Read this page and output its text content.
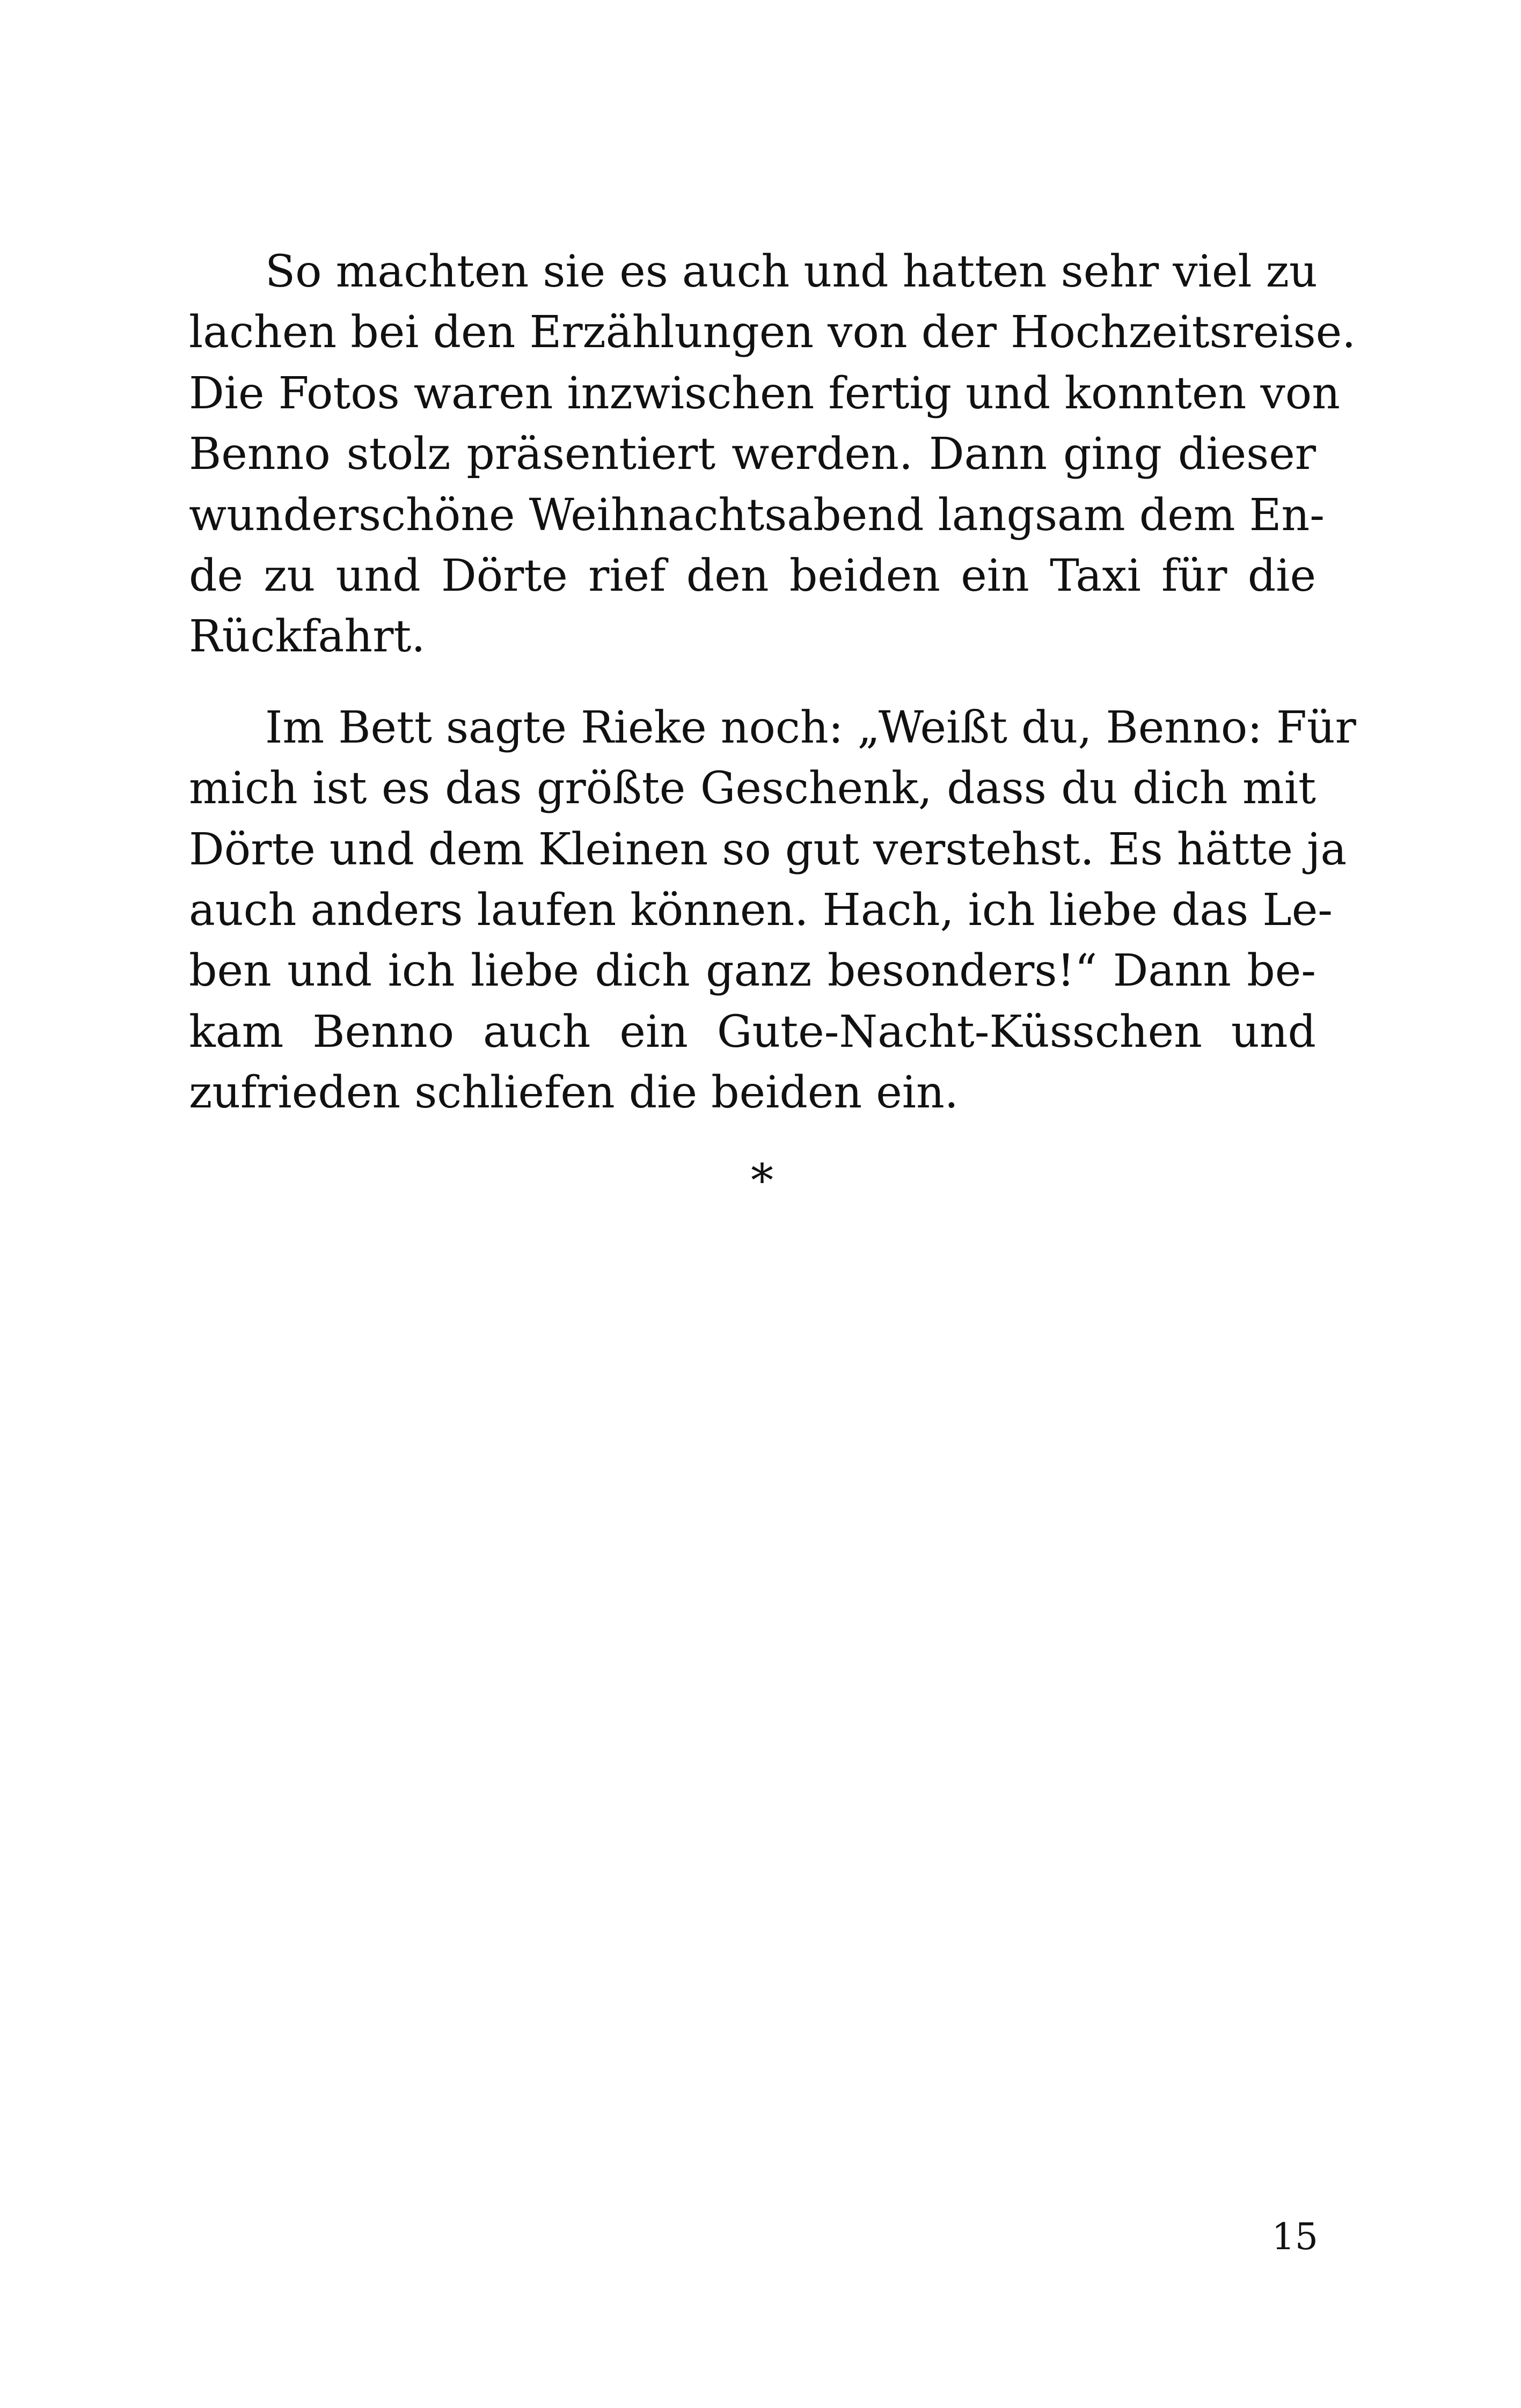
So machten sie es auch und hatten sehr viel zu
lachen bei den Erzählungen von der Hochzeitsreise.
Die Fotos waren inzwischen fertig und konnten von
Benno stolz präsentiert werden. Dann ging dieser
wunderschöne Weihnachtsabend langsam dem En-
de zu und Dörte rief den beiden ein Taxi für die
Rückfahrt.
Im Bett sagte Rieke noch: „Weißt du, Benno: Für
mich ist es das größte Geschenk, dass du dich mit
Dörte und dem Kleinen so gut verstehst. Es hätte ja
auch anders laufen können. Hach, ich liebe das Le-
ben und ich liebe dich ganz besonders!“ Dann be-
kam Benno auch ein Gute-Nacht-Küsschen und
zufrieden schliefen die beiden ein.
*
15
